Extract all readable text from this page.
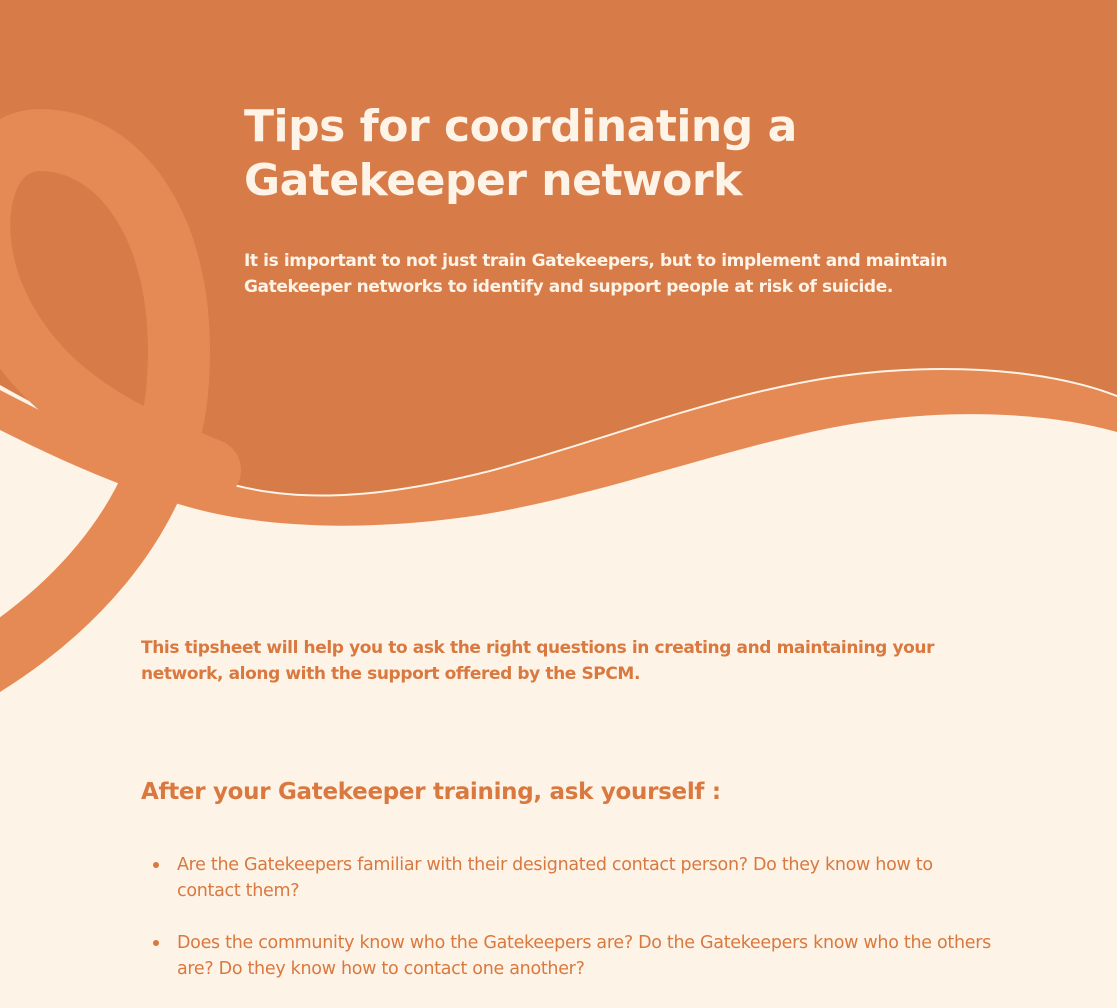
Tips for coordinating a Gatekeeper network

It is important to not just train Gatekeepers, but to implement and maintain Gatekeeper networks to identify and support people at risk of suicide.

This tipsheet will help you to ask the right questions in creating and maintaining your network, along with the support offered by the SPCM.

After your Gatekeeper training, ask yourself :
Are the Gatekeepers familiar with their designated contact person? Do they know how to contact them?
Does the community know who the Gatekeepers are? Do the Gatekeepers know who the others are? Do they know how to contact one another?
